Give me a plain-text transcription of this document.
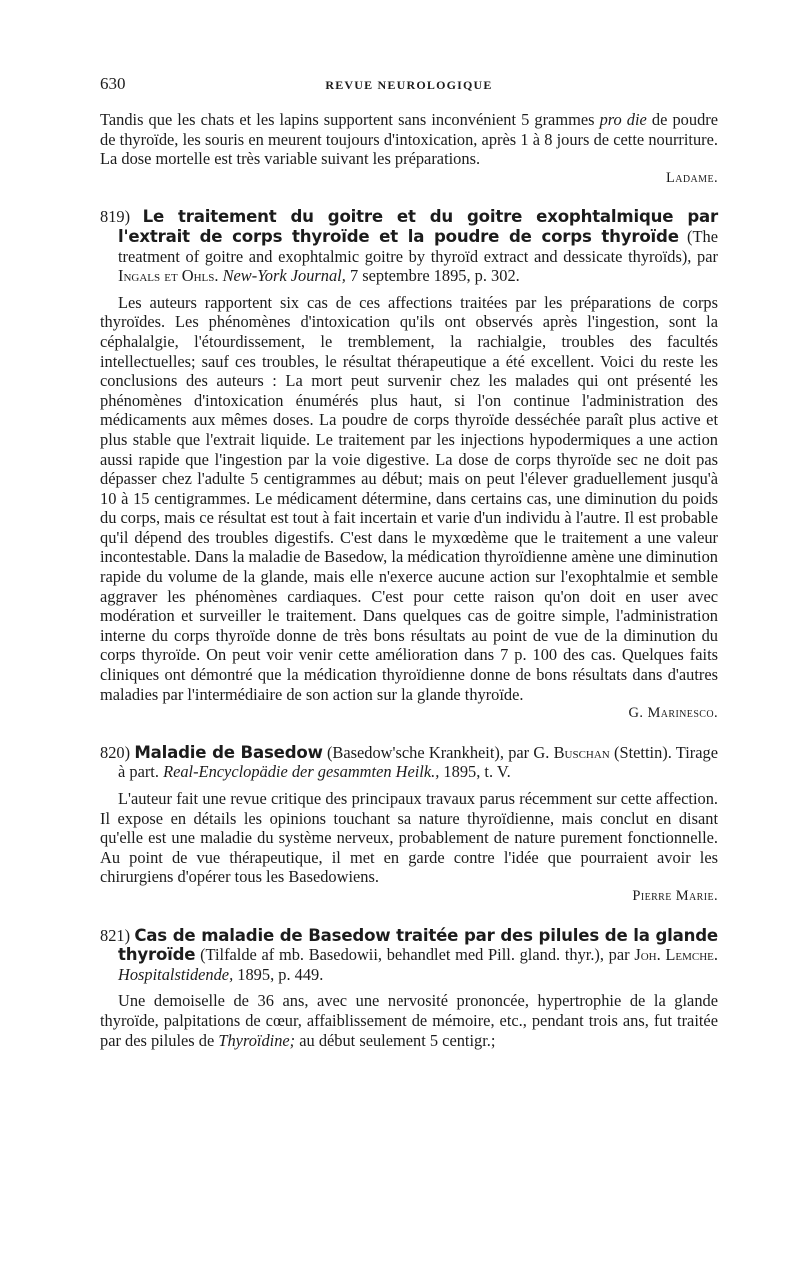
630	REVUE NEUROLOGIQUE

Tandis que les chats et les lapins supportent sans inconvénient 5 grammes pro die de poudre de thyroïde, les souris en meurent toujours d'intoxication, après 1 à 8 jours de cette nourriture. La dose mortelle est très variable suivant les préparations.

Ladame.

819) Le traitement du goitre et du goitre exophtalmique par l'extrait de corps thyroïde et la poudre de corps thyroïde (The treatment of goitre and exophtalmic goitre by thyroïd extract and dessicate thyroïds), par Ingals et Ohls. New-York Journal, 7 septembre 1895, p. 302.

Les auteurs rapportent six cas de ces affections traitées par les préparations de corps thyroïdes. Les phénomènes d'intoxication qu'ils ont observés après l'ingestion, sont la céphalalgie, l'étourdissement, le tremblement, la rachialgie, troubles des facultés intellectuelles; sauf ces troubles, le résultat thérapeutique a été excellent. Voici du reste les conclusions des auteurs : La mort peut survenir chez les malades qui ont présenté les phénomènes d'intoxication énumérés plus haut, si l'on continue l'administration des médicaments aux mêmes doses. La poudre de corps thyroïde desséchée paraît plus active et plus stable que l'extrait liquide. Le traitement par les injections hypodermiques a une action aussi rapide que l'ingestion par la voie digestive. La dose de corps thyroïde sec ne doit pas dépasser chez l'adulte 5 centigrammes au début; mais on peut l'élever graduellement jusqu'à 10 à 15 centigrammes. Le médicament détermine, dans certains cas, une diminution du poids du corps, mais ce résultat est tout à fait incertain et varie d'un individu à l'autre. Il est probable qu'il dépend des troubles digestifs. C'est dans le myxœdème que le traitement a une valeur incontestable. Dans la maladie de Basedow, la médication thyroïdienne amène une diminution rapide du volume de la glande, mais elle n'exerce aucune action sur l'exophtalmie et semble aggraver les phénomènes cardiaques. C'est pour cette raison qu'on doit en user avec modération et surveiller le traitement. Dans quelques cas de goitre simple, l'administration interne du corps thyroïde donne de très bons résultats au point de vue de la diminution du corps thyroïde. On peut voir venir cette amélioration dans 7 p. 100 des cas. Quelques faits cliniques ont démontré que la médication thyroïdienne donne de bons résultats dans d'autres maladies par l'intermédiaire de son action sur la glande thyroïde.

G. Marinesco.

820) Maladie de Basedow (Basedow'sche Krankheit), par G. Buschan (Stettin). Tirage à part. Real-Encyclopädie der gesammten Heilk., 1895, t. V.

L'auteur fait une revue critique des principaux travaux parus récemment sur cette affection. Il expose en détails les opinions touchant sa nature thyroïdienne, mais conclut en disant qu'elle est une maladie du système nerveux, probablement de nature purement fonctionnelle. Au point de vue thérapeutique, il met en garde contre l'idée que pourraient avoir les chirurgiens d'opérer tous les Basedowiens.

Pierre Marie.

821) Cas de maladie de Basedow traitée par des pilules de la glande thyroïde (Tilfalde af mb. Basedowii, behandlet med Pill. gland. thyr.), par Joh. Lemche. Hospitalstidende, 1895, p. 449.

Une demoiselle de 36 ans, avec une nervosité prononcée, hypertrophie de la glande thyroïde, palpitations de cœur, affaiblissement de mémoire, etc., pendant trois ans, fut traitée par des pilules de Thyroïdine; au début seulement 5 centigr.;
